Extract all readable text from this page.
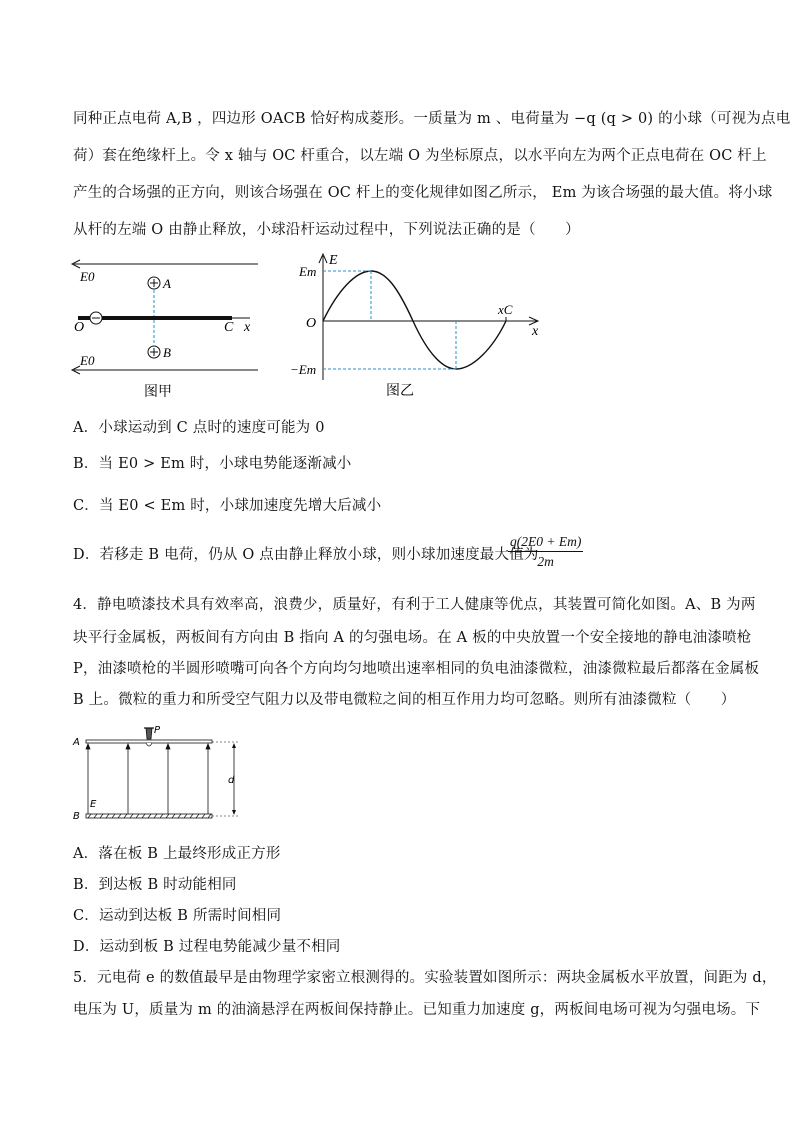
同种正点电荷 A,B ，四边形 OACB 恰好构成菱形。一质量为 m 、电荷量为 −q (q > 0) 的小球（可视为点电
荷）套在绝缘杆上。令 x 轴与 OC 杆重合，以左端 O 为坐标原点，以水平向左为两个正点电荷在 OC 杆上
产生的合场强的正方向，则该合场强在 OC 杆上的变化规律如图乙所示， Em 为该合场强的最大值。将小球
从杆的左端 O 由静止释放，小球沿杆运动过程中，下列说法正确的是（　　）
E0	A
O	C x
B
E0
图甲
E
x
O
Em
−Em
xC
图乙
A．小球运动到 C 点时的速度可能为 0
B．当 E0 > Em 时，小球电势能逐渐减小
C．当 E0 < Em 时，小球加速度先增大后减小
D．若移走 B 电荷，仍从 O 点由静止释放小球，则小球加速度最大值为
$\frac{q(2E0 + Em)}{2m}$
4．静电喷漆技术具有效率高，浪费少，质量好，有利于工人健康等优点，其装置可简化如图。A、B 为两
块平行金属板，两板间有方向由 B 指向 A 的匀强电场。在 A 板的中央放置一个安全接地的静电油漆喷枪
P，油漆喷枪的半圆形喷嘴可向各个方向均匀地喷出速率相同的负电油漆微粒，油漆微粒最后都落在金属板
B 上。微粒的重力和所受空气阻力以及带电微粒之间的相互作用力均可忽略。则所有油漆微粒（　　）
A
P
B
E
d
A．落在板 B 上最终形成正方形
B．到达板 B 时动能相同
C．运动到达板 B 所需时间相同
D．运动到板 B 过程电势能减少量不相同
5．元电荷 e 的数值最早是由物理学家密立根测得的。实验装置如图所示：两块金属板水平放置，间距为 d，
电压为 U，质量为 m 的油滴悬浮在两板间保持静止。已知重力加速度 g，两板间电场可视为匀强电场。下
